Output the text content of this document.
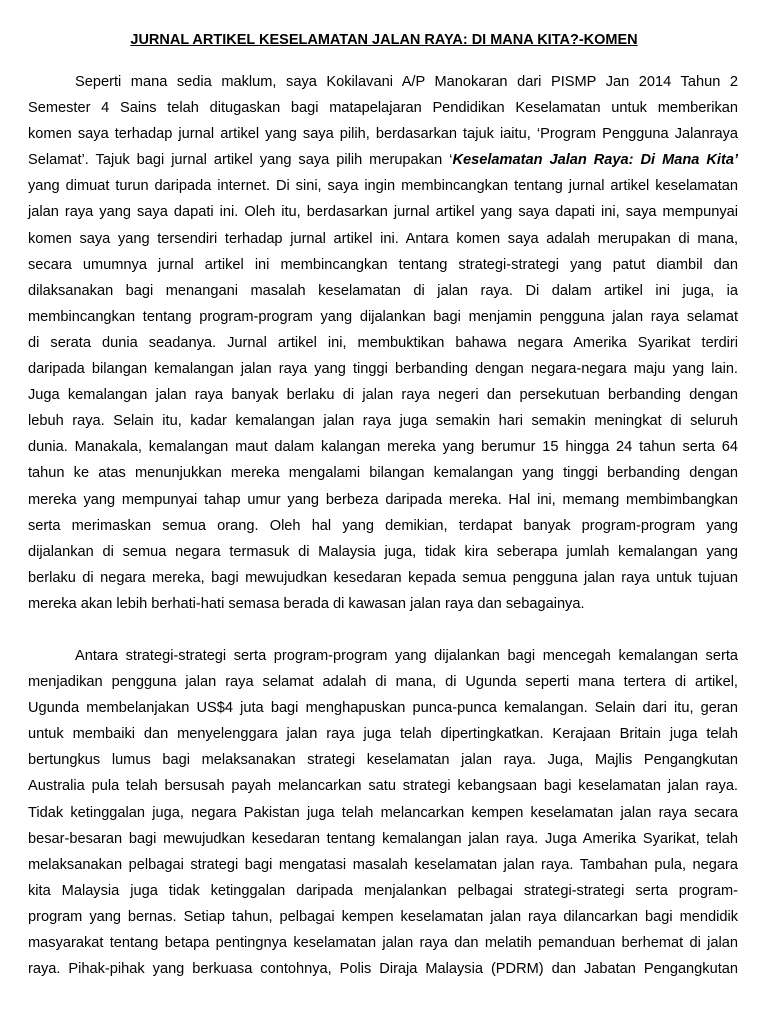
JURNAL ARTIKEL KESELAMATAN JALAN RAYA: DI MANA KITA?-KOMEN
Seperti mana sedia maklum, saya Kokilavani A/P Manokaran dari PISMP Jan 2014 Tahun 2
Semester 4 Sains telah ditugaskan bagi matapelajaran Pendidikan Keselamatan untuk memberikan
komen saya terhadap jurnal artikel yang saya pilih, berdasarkan tajuk iaitu, ‘Program Pengguna Jalanraya
Selamat’. Tajuk bagi jurnal artikel yang saya pilih merupakan ‘Keselamatan Jalan Raya: Di Mana Kita’
yang dimuat turun daripada internet. Di sini, saya ingin membincangkan tentang jurnal artikel keselamatan
jalan raya yang saya dapati ini. Oleh itu, berdasarkan jurnal artikel yang saya dapati ini, saya mempunyai
komen saya yang tersendiri terhadap jurnal artikel ini. Antara komen saya adalah merupakan di mana,
secara umumnya jurnal artikel ini membincangkan tentang strategi-strategi yang patut diambil dan
dilaksanakan bagi menangani masalah keselamatan di jalan raya. Di dalam artikel ini juga, ia
membincangkan tentang program-program yang dijalankan bagi menjamin pengguna jalan raya selamat
di serata dunia seadanya. Jurnal artikel ini, membuktikan bahawa negara Amerika Syarikat terdiri
daripada bilangan kemalangan jalan raya yang tinggi berbanding dengan negara-negara maju yang lain.
Juga kemalangan jalan raya banyak berlaku di jalan raya negeri dan persekutuan berbanding dengan
lebuh raya. Selain itu, kadar kemalangan jalan raya juga semakin hari semakin meningkat di seluruh
dunia. Manakala, kemalangan maut dalam kalangan mereka yang berumur 15 hingga 24 tahun serta 64
tahun ke atas menunjukkan mereka mengalami bilangan kemalangan yang tinggi berbanding dengan
mereka yang mempunyai tahap umur yang berbeza daripada mereka. Hal ini, memang membimbangkan
serta merimaskan semua orang. Oleh hal yang demikian, terdapat banyak program-program yang
dijalankan di semua negara termasuk di Malaysia juga, tidak kira seberapa jumlah kemalangan yang
berlaku di negara mereka, bagi mewujudkan kesedaran kepada semua pengguna jalan raya untuk tujuan
mereka akan lebih berhati-hati semasa berada di kawasan jalan raya dan sebagainya.
Antara strategi-strategi serta program-program yang dijalankan bagi mencegah kemalangan serta
menjadikan pengguna jalan raya selamat adalah di mana, di Ugunda seperti mana tertera di artikel,
Ugunda membelanjakan US$4 juta bagi menghapuskan punca-punca kemalangan. Selain dari itu, geran
untuk membaiki dan menyelenggara jalan raya juga telah dipertingkatkan. Kerajaan Britain juga telah
bertungkus lumus bagi melaksanakan strategi keselamatan jalan raya. Juga, Majlis Pengangkutan
Australia pula telah bersusah payah melancarkan satu strategi kebangsaan bagi keselamatan jalan raya.
Tidak ketinggalan juga, negara Pakistan juga telah melancarkan kempen keselamatan jalan raya secara
besar-besaran bagi mewujudkan kesedaran tentang kemalangan jalan raya. Juga Amerika Syarikat, telah
melaksanakan pelbagai strategi bagi mengatasi masalah keselamatan jalan raya. Tambahan pula, negara
kita Malaysia juga tidak ketinggalan daripada menjalankan pelbagai strategi-strategi serta program-
program yang bernas. Setiap tahun, pelbagai kempen keselamatan jalan raya dilancarkan bagi mendidik
masyarakat tentang betapa pentingnya keselamatan jalan raya dan melatih pemanduan berhemat di jalan
raya. Pihak-pihak yang berkuasa contohnya, Polis Diraja Malaysia (PDRM) dan Jabatan Pengangkutan
